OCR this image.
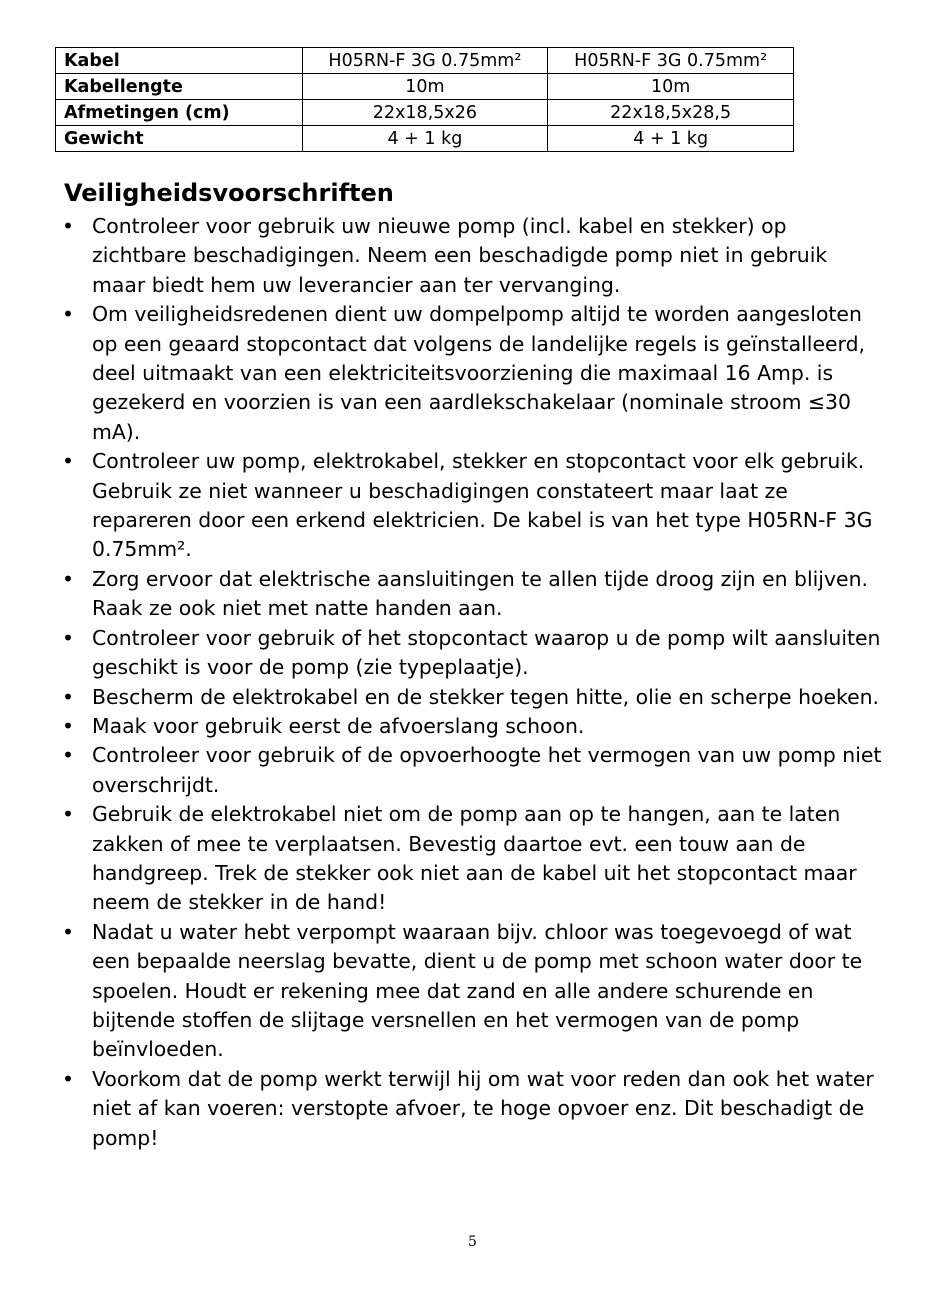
Kabel	H05RN-F 3G 0.75mm²	H05RN-F 3G 0.75mm²
Kabellengte	10m	10m
Afmetingen (cm)	22x18,5x26	22x18,5x28,5
Gewicht	4 + 1 kg	4 + 1 kg
Veiligheidsvoorschriften
• Controleer voor gebruik uw nieuwe pomp (incl. kabel en stekker) op zichtbare beschadigingen. Neem een beschadigde pomp niet in gebruik maar biedt hem uw leverancier aan ter vervanging.
• Om veiligheidsredenen dient uw dompelpomp altijd te worden aangesloten op een geaard stopcontact dat volgens de landelijke regels is geïnstalleerd, deel uitmaakt van een elektriciteitsvoorziening die maximaal 16 Amp. is gezekerd en voorzien is van een aardlekschakelaar (nominale stroom ≤30 mA).
• Controleer uw pomp, elektrokabel, stekker en stopcontact voor elk gebruik. Gebruik ze niet wanneer u beschadigingen constateert maar laat ze repareren door een erkend elektricien. De kabel is van het type H05RN-F 3G 0.75mm².
• Zorg ervoor dat elektrische aansluitingen te allen tijde droog zijn en blijven. Raak ze ook niet met natte handen aan.
• Controleer voor gebruik of het stopcontact waarop u de pomp wilt aansluiten geschikt is voor de pomp (zie typeplaatje).
• Bescherm de elektrokabel en de stekker tegen hitte, olie en scherpe hoeken.
• Maak voor gebruik eerst de afvoerslang schoon.
• Controleer voor gebruik of de opvoerhoogte het vermogen van uw pomp niet overschrijdt.
• Gebruik de elektrokabel niet om de pomp aan op te hangen, aan te laten zakken of mee te verplaatsen. Bevestig daartoe evt. een touw aan de handgreep. Trek de stekker ook niet aan de kabel uit het stopcontact maar neem de stekker in de hand!
• Nadat u water hebt verpompt waaraan bijv. chloor was toegevoegd of wat een bepaalde neerslag bevatte, dient u de pomp met schoon water door te spoelen. Houdt er rekening mee dat zand en alle andere schurende en bijtende stoffen de slijtage versnellen en het vermogen van de pomp beïnvloeden.
• Voorkom dat de pomp werkt terwijl hij om wat voor reden dan ook het water niet af kan voeren: verstopte afvoer, te hoge opvoer enz. Dit beschadigt de pomp!
5
